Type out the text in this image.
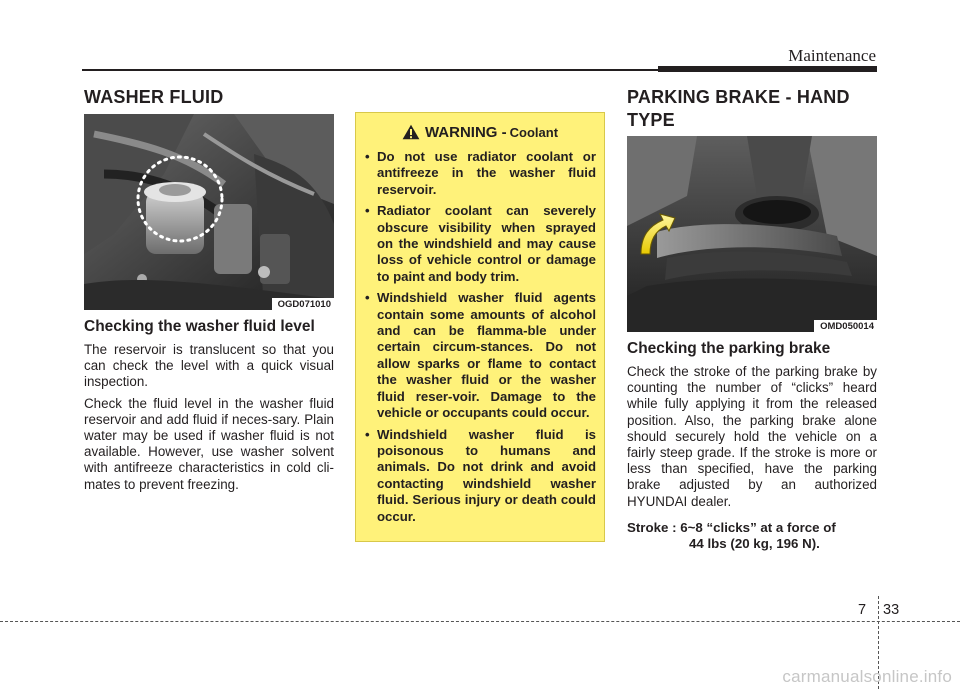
Maintenance
WASHER FLUID
OGD071010
Checking the washer fluid level

The reservoir is translucent so that you can check the level with a quick visual inspection.

Check the fluid level in the washer fluid reservoir and add fluid if neces-sary. Plain water may be used if washer fluid is not available. However, use washer solvent with antifreeze characteristics in cold cli-mates to prevent freezing.

WARNING - Coolant
• Do not use radiator coolant or antifreeze in the washer fluid reservoir.
• Radiator coolant can severely obscure visibility when sprayed on the windshield and may cause loss of vehicle control or damage to paint and body trim.
• Windshield washer fluid agents contain some amounts of alcohol and can be flamma-ble under certain circum-stances. Do not allow sparks or flame to contact the washer fluid or the washer fluid reser-voir. Damage to the vehicle or occupants could occur.
• Windshield washer fluid is poisonous to humans and animals. Do not drink and avoid contacting windshield washer fluid. Serious injury or death could occur.
PARKING BRAKE - HAND TYPE
OMD050014
Checking the parking brake

Check the stroke of the parking brake by counting the number of “clicks” heard while fully applying it from the released position. Also, the parking brake alone should securely hold the vehicle on a fairly steep grade. If the stroke is more or less than specified, have the parking brake adjusted by an authorized HYUNDAI dealer.

Stroke : 6~8 “clicks” at a force of
44 lbs (20 kg, 196 N).

7 33
carmanualsonline.info
